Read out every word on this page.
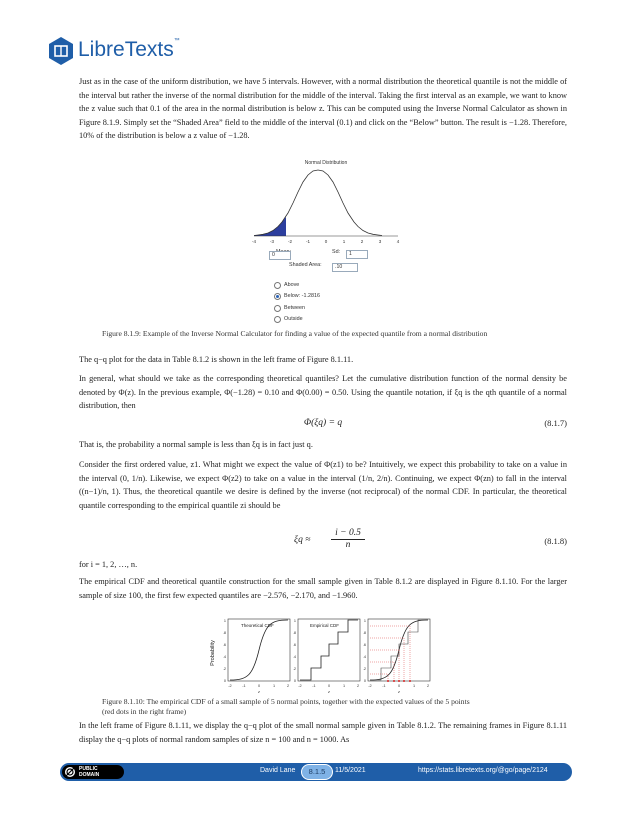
LibreTexts™
Just as in the case of the uniform distribution, we have 5 intervals. However, with a normal distribution the theoretical quantile is not the middle of the interval but rather the inverse of the normal distribution for the middle of the interval. Taking the first interval as an example, we want to know the z value such that 0.1 of the area in the normal distribution is below z. This can be computed using the Inverse Normal Calculator as shown in Figure 8.1.9. Simply set the “Shaded Area” field to the middle of the interval (0.1) and click on the “Below” button. The result is −1.28. Therefore, 10% of the distribution is below a z value of −1.28.
Normal Distribution
-4	-3	-2	-1	0	1	2	3	4
0	Sd:	1
Shaded Area:	.10
Above
Below: -1.2816
Between
Outside
Figure 8.1.9: Example of the Inverse Normal Calculator for finding a value of the expected quantile from a normal distribution
The q−q plot for the data in Table 8.1.2 is shown in the left frame of Figure 8.1.11.
In general, what should we take as the corresponding theoretical quantiles? Let the cumulative distribution function of the normal density be denoted by Φ(z). In the previous example, Φ(−1.28) = 0.10 and Φ(0.00) = 0.50. Using the quantile notation, if ξq is the qth quantile of a normal distribution, then
Φ(ξq) = q	(8.1.7)
That is, the probability a normal sample is less than ξq is in fact just q.
Consider the first ordered value, z1. What might we expect the value of Φ(z1) to be? Intuitively, we expect this probability to take on a value in the interval (0, 1/n). Likewise, we expect Φ(z2) to take on a value in the interval (1/n, 2/n). Continuing, we expect Φ(zn) to fall in the interval ((n−1)/n, 1). Thus, the theoretical quantile we desire is defined by the inverse (not reciprocal) of the normal CDF. In particular, the theoretical quantile corresponding to the empirical quantile zi should be
ξq ≈
i − 0.5
n	(8.1.8)
for i = 1, 2, …, n.
The empirical CDF and theoretical quantile construction for the small sample given in Table 8.1.2 are displayed in Figure 8.1.10. For the larger sample of size 100, the first few expected quantiles are −2.576, −2.170, and −1.960.
Probability
Theoretical CDF	Empirical CDF
1
.8
.6
.4
.2
0
1
.8
.6
.4
.2
0
1
.8
.6
.4
.2
0
-2	-1	0	1	2 -2	-1	0	1	2 -2	-1	0	1	2
z	z	z
Figure 8.1.10: The empirical CDF of a small sample of 5 normal points, together with the expected values of the 5 points (red dots in the right frame)
In the left frame of Figure 8.1.11, we display the q−q plot of the small normal sample given in Table 8.1.2. The remaining frames in Figure 8.1.11 display the q−q plots of normal random samples of size n = 100 and n = 1000. As
PUBLIC
DOMAIN
David Lane	8.1.5	11/5/2021	https://stats.libretexts.org/@go/page/2124
